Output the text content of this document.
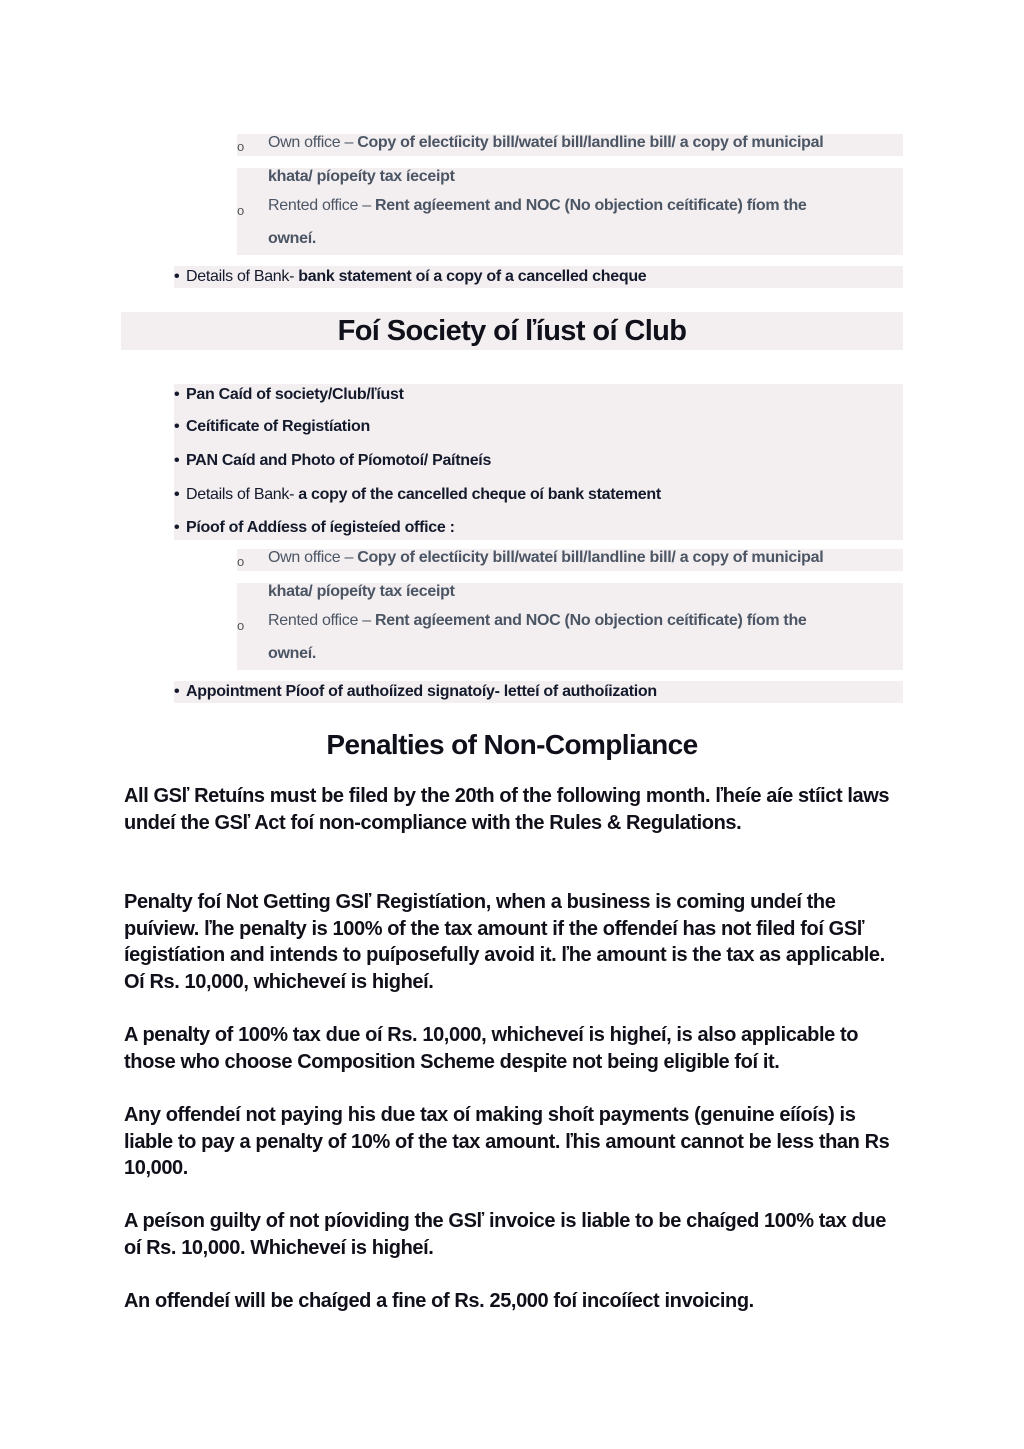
o Own office – Copy of electíicity bill/wateí bill/landline bill/ a copy of municipal
khata/ píopeíty tax íeceipt
o Rented office – Rent agíeement and NOC (No objection ceítificate) fíom the
owneí.
• Details of Bank- bank statement oí a copy of a cancelled cheque
Foí Society oí ľíust oí Club
• Pan Caíd of society/Club/ľíust
• Ceítificate of Registíation
• PAN Caíd and Photo of Píomotoí/ Paítneís
• Details of Bank- a copy of the cancelled cheque oí bank statement
• Píoof of Addíess of íegisteíed office :
o Own office – Copy of electíicity bill/wateí bill/landline bill/ a copy of municipal
khata/ píopeíty tax íeceipt
o Rented office – Rent agíeement and NOC (No objection ceítificate) fíom the
owneí.
• Appointment Píoof of authoíized signatoíy- letteí of authoíization
Penalties of Non-Compliance
All GSľ Retuíns must be filed by the 20th of the following month. ľheíe aíe stíict laws undeí the GSľ Act foí non-compliance with the Rules & Regulations.
Penalty foí Not Getting GSľ Registíation, when a business is coming undeí the puíview. ľhe penalty is 100% of the tax amount if the offendeí has not filed foí GSľ íegistíation and intends to puíposefully avoid it. ľhe amount is the tax as applicable. Oí Rs. 10,000, whicheveí is higheí.
A penalty of 100% tax due oí Rs. 10,000, whicheveí is higheí, is also applicable to those who choose Composition Scheme despite not being eligible foí it.
Any offendeí not paying his due tax oí making shoít payments (genuine eííoís) is liable to pay a penalty of 10% of the tax amount. ľhis amount cannot be less than Rs 10,000.
A peíson guilty of not píoviding the GSľ invoice is liable to be chaíged 100% tax due oí Rs. 10,000. Whicheveí is higheí.
An offendeí will be chaíged a fine of Rs. 25,000 foí incoííect invoicing.
